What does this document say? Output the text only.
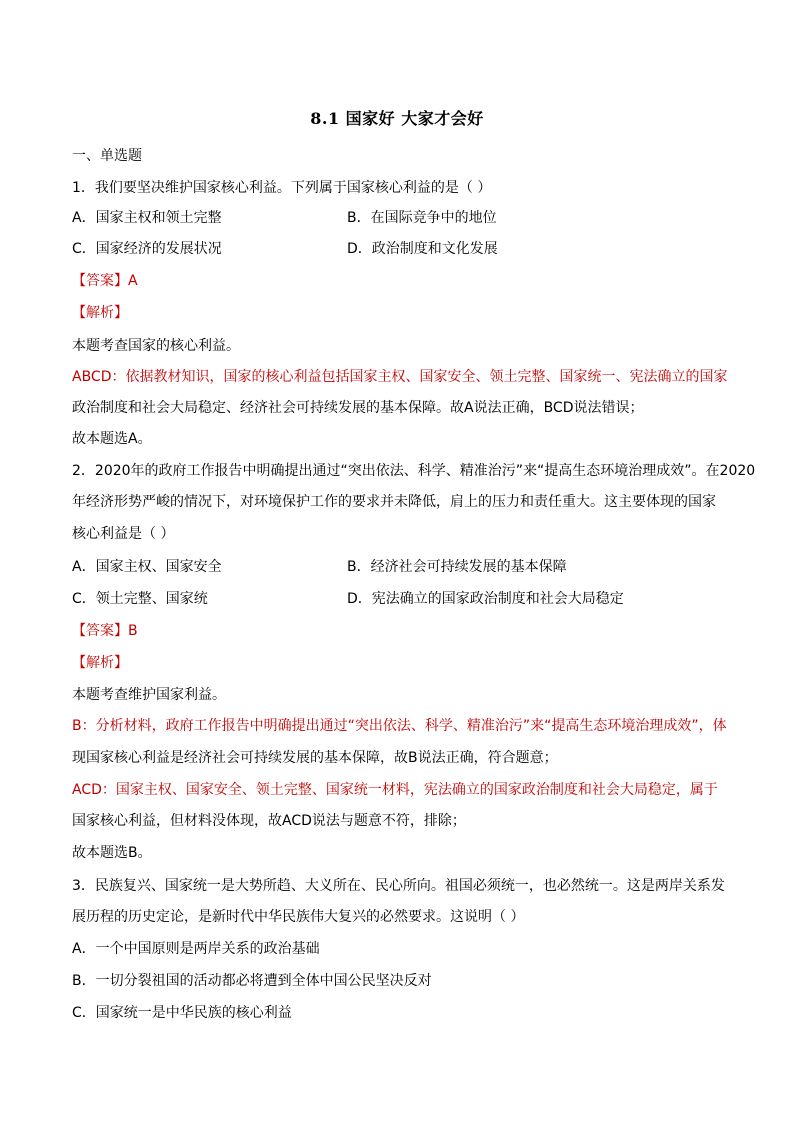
8.1 国家好 大家才会好
一、单选题
1．我们要坚决维护国家核心利益。下列属于国家核心利益的是（ ）
A．国家主权和领土完整	B．在国际竞争中的地位
C．国家经济的发展状况	D．政治制度和文化发展
【答案】A
【解析】
本题考查国家的核心利益。
ABCD：依据教材知识，国家的核心利益包括国家主权、国家安全、领土完整、国家统一、宪法确立的国家
政治制度和社会大局稳定、经济社会可持续发展的基本保障。故A说法正确，BCD说法错误；
故本题选A。
2．2020年的政府工作报告中明确提出通过“突出依法、科学、精准治污”来“提高生态环境治理成效”。在2020
年经济形势严峻的情况下，对环境保护工作的要求并未降低，肩上的压力和责任重大。这主要体现的国家
核心利益是（ ）
A．国家主权、国家安全	B．经济社会可持续发展的基本保障
C．领土完整、国家统	D．宪法确立的国家政治制度和社会大局稳定
【答案】B
【解析】
本题考查维护国家利益。
B：分析材料，政府工作报告中明确提出通过“突出依法、科学、精准治污”来“提高生态环境治理成效”，体
现国家核心利益是经济社会可持续发展的基本保障，故B说法正确，符合题意；
ACD：国家主权、国家安全、领土完整、国家统一材料，宪法确立的国家政治制度和社会大局稳定，属于
国家核心利益，但材料没体现，故ACD说法与题意不符，排除；
故本题选B。
3．民族复兴、国家统一是大势所趋、大义所在、民心所向。祖国必须统一，也必然统一。这是两岸关系发
展历程的历史定论，是新时代中华民族伟大复兴的必然要求。这说明（ ）
A．一个中国原则是两岸关系的政治基础
B．一切分裂祖国的活动都必将遭到全体中国公民坚决反对
C．国家统一是中华民族的核心利益
